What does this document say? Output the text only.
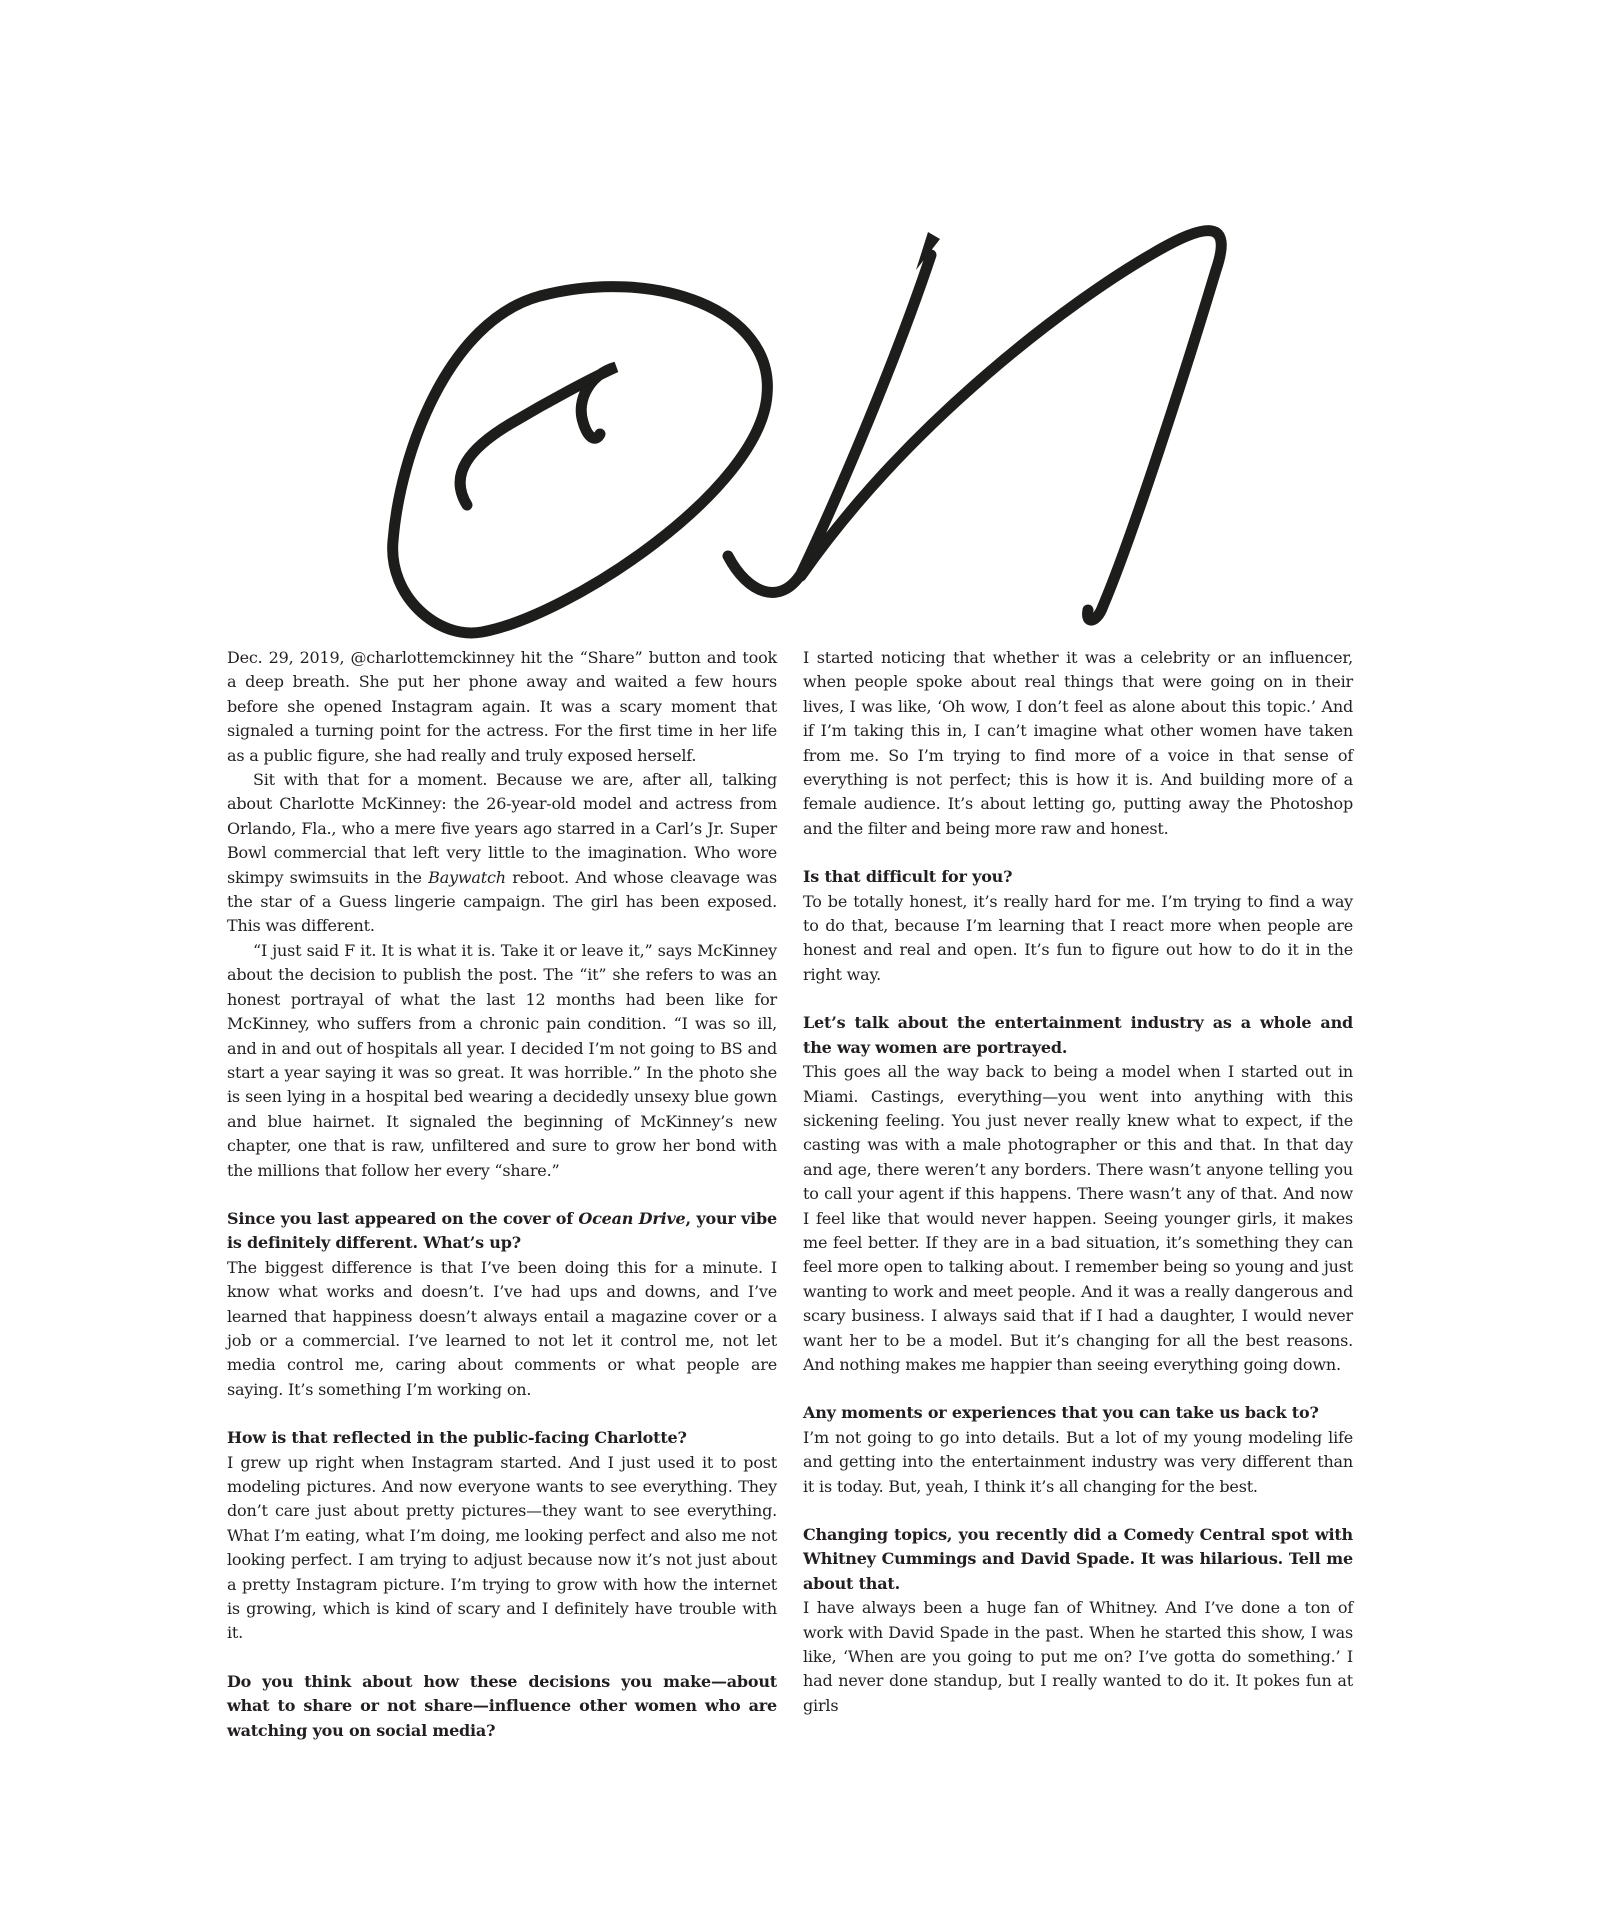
Dec. 29, 2019, @charlottemckinney hit the “Share” button and took a deep breath. She put her phone away and waited a few hours before she opened Instagram again. It was a scary moment that signaled a turning point for the actress. For the first time in her life as a public figure, she had really and truly exposed herself.

Sit with that for a moment. Because we are, after all, talking about Charlotte McKinney: the 26-year-old model and actress from Orlando, Fla., who a mere five years ago starred in a Carl’s Jr. Super Bowl commercial that left very little to the imagination. Who wore skimpy swimsuits in the Baywatch reboot. And whose cleavage was the star of a Guess lingerie campaign. The girl has been exposed. This was different.

“I just said F it. It is what it is. Take it or leave it,” says McKinney about the decision to publish the post. The “it” she refers to was an honest portrayal of what the last 12 months had been like for McKinney, who suffers from a chronic pain condition. “I was so ill, and in and out of hospitals all year. I decided I’m not going to BS and start a year saying it was so great. It was horrible.” In the photo she is seen lying in a hospital bed wearing a decidedly unsexy blue gown and blue hairnet. It signaled the beginning of McKinney’s new chapter, one that is raw, unfiltered and sure to grow her bond with the millions that follow her every “share.”

Since you last appeared on the cover of Ocean Drive, your vibe is definitely different. What’s up?

The biggest difference is that I’ve been doing this for a minute. I know what works and doesn’t. I’ve had ups and downs, and I’ve learned that happiness doesn’t always entail a magazine cover or a job or a commercial. I’ve learned to not let it control me, not let media control me, caring about comments or what people are saying. It’s something I’m working on.

How is that reflected in the public-facing Charlotte?

I grew up right when Instagram started. And I just used it to post modeling pictures. And now everyone wants to see everything. They don’t care just about pretty pictures—they want to see everything. What I’m eating, what I’m doing, me looking perfect and also me not looking perfect. I am trying to adjust because now it’s not just about a pretty Instagram picture. I’m trying to grow with how the internet is growing, which is kind of scary and I definitely have trouble with it.

Do you think about how these decisions you make—about what to share or not share—influence other women who are watching you on social media?

I started noticing that whether it was a celebrity or an influencer, when people spoke about real things that were going on in their lives, I was like, ‘Oh wow, I don’t feel as alone about this topic.’ And if I’m taking this in, I can’t imagine what other women have taken from me. So I’m trying to find more of a voice in that sense of everything is not perfect; this is how it is. And building more of a female audience. It’s about letting go, putting away the Photoshop and the filter and being more raw and honest.

Is that difficult for you?

To be totally honest, it’s really hard for me. I’m trying to find a way to do that, because I’m learning that I react more when people are honest and real and open. It’s fun to figure out how to do it in the right way.

Let’s talk about the entertainment industry as a whole and the way women are portrayed.

This goes all the way back to being a model when I started out in Miami. Castings, everything—you went into anything with this sickening feeling. You just never really knew what to expect, if the casting was with a male photographer or this and that. In that day and age, there weren’t any borders. There wasn’t anyone telling you to call your agent if this happens. There wasn’t any of that. And now I feel like that would never happen. Seeing younger girls, it makes me feel better. If they are in a bad situation, it’s something they can feel more open to talking about. I remember being so young and just wanting to work and meet people. And it was a really dangerous and scary business. I always said that if I had a daughter, I would never want her to be a model. But it’s changing for all the best reasons. And nothing makes me happier than seeing everything going down.

Any moments or experiences that you can take us back to?

I’m not going to go into details. But a lot of my young modeling life and getting into the entertainment industry was very different than it is today. But, yeah, I think it’s all changing for the best.

Changing topics, you recently did a Comedy Central spot with Whitney Cummings and David Spade. It was hilarious. Tell me about that.

I have always been a huge fan of Whitney. And I’ve done a ton of work with David Spade in the past. When he started this show, I was like, ‘When are you going to put me on? I’ve gotta do something.’ I had never done standup, but I really wanted to do it. It pokes fun at girls
